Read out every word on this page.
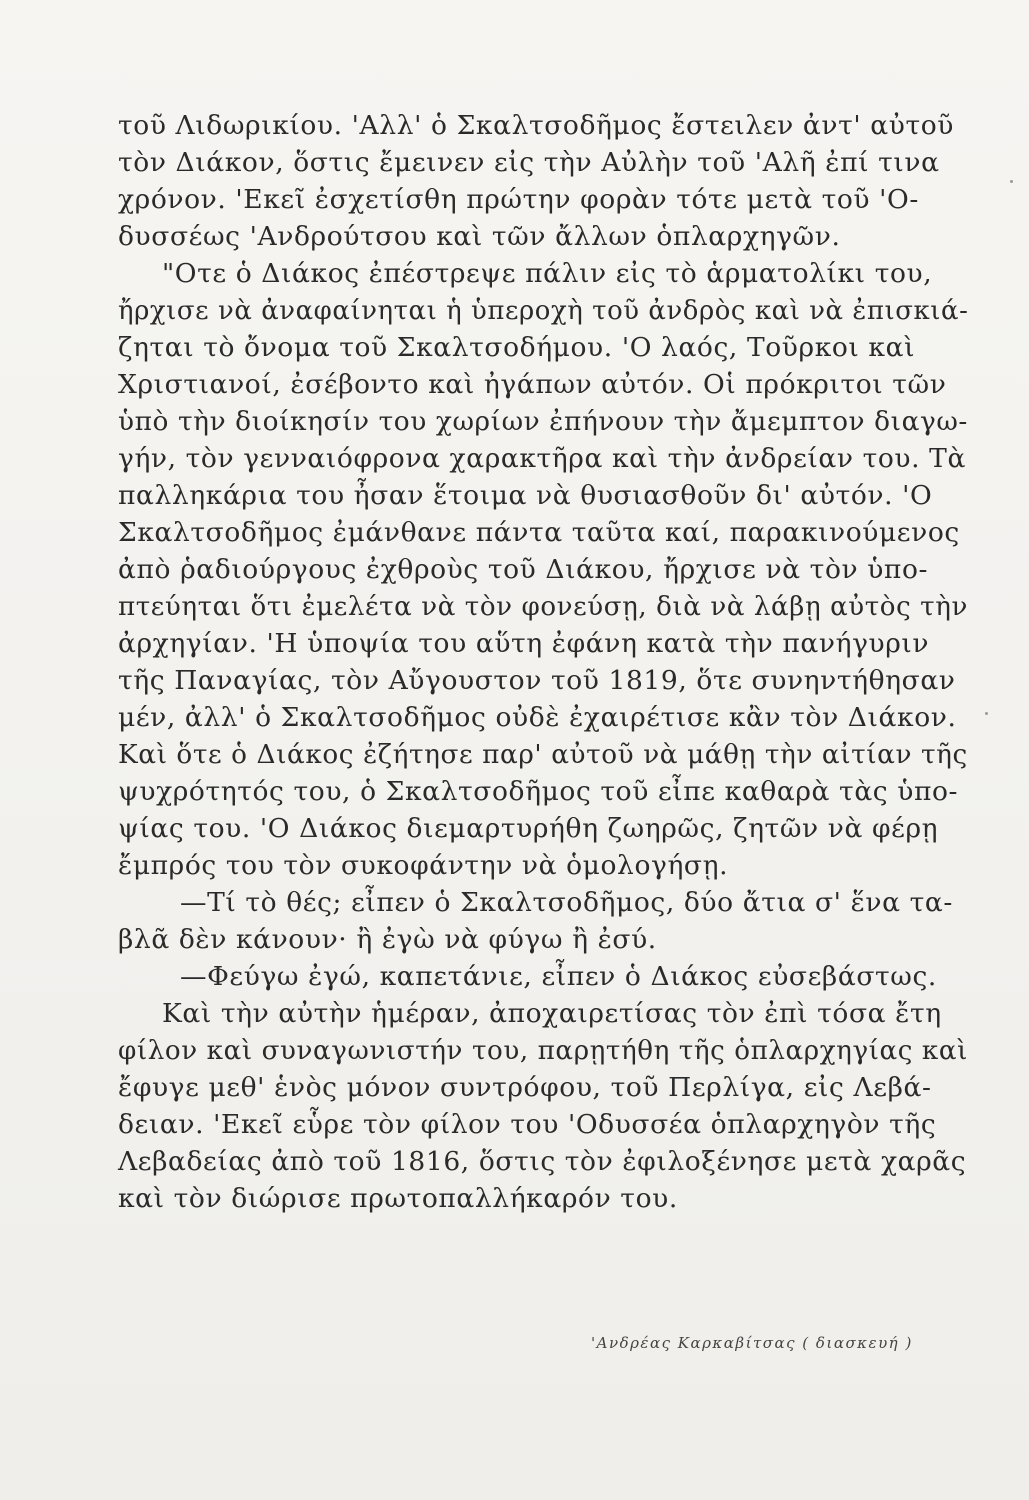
τοῦ Λιδωρικίου. 'Αλλ' ὁ Σκαλτσοδῆμος ἔστειλεν ἀντ' αὐτοῦ
τὸν Διάκον, ὅστις ἔμεινεν εἰς τὴν Αὐλὴν τοῦ 'Αλῆ ἐπί τινα
χρόνον. 'Εκεῖ ἐσχετίσθη πρώτην φορὰν τότε μετὰ τοῦ 'Ο-
δυσσέως 'Ανδρούτσου καὶ τῶν ἄλλων ὁπλαρχηγῶν.
"Οτε ὁ Διάκος ἐπέστρεψε πάλιν εἰς τὸ ἁρματολίκι του,
ἤρχισε νὰ ἀναφαίνηται ἡ ὑπεροχὴ τοῦ ἀνδρὸς καὶ νὰ ἐπισκιά-
ζηται τὸ ὄνομα τοῦ Σκαλτσοδήμου. 'Ο λαός, Τοῦρκοι καὶ
Χριστιανοί, ἐσέβοντο καὶ ἠγάπων αὐτόν. Οἱ πρόκριτοι τῶν
ὑπὸ τὴν διοίκησίν του χωρίων ἐπήνουν τὴν ἄμεμπτον διαγω-
γήν, τὸν γενναιόφρονα χαρακτῆρα καὶ τὴν ἀνδρείαν του. Τὰ
παλληκάρια του ἦσαν ἕτοιμα νὰ θυσιασθοῦν δι' αὐτόν. 'Ο
Σκαλτσοδῆμος ἐμάνθανε πάντα ταῦτα καί, παρακινούμενος
ἀπὸ ῥαδιούργους ἐχθροὺς τοῦ Διάκου, ἤρχισε νὰ τὸν ὑπο-
πτεύηται ὅτι ἐμελέτα νὰ τὸν φονεύσῃ, διὰ νὰ λάβῃ αὐτὸς τὴν
ἀρχηγίαν. 'Η ὑποψία του αὕτη ἐφάνη κατὰ τὴν πανήγυριν
τῆς Παναγίας, τὸν Αὔγουστον τοῦ 1819, ὅτε συνηντήθησαν
μέν, ἀλλ' ὁ Σκαλτσοδῆμος οὐδὲ ἐχαιρέτισε κἂν τὸν Διάκον.
Καὶ ὅτε ὁ Διάκος ἐζήτησε παρ' αὐτοῦ νὰ μάθῃ τὴν αἰτίαν τῆς
ψυχρότητός του, ὁ Σκαλτσοδῆμος τοῦ εἶπε καθαρὰ τὰς ὑπο-
ψίας του. 'Ο Διάκος διεμαρτυρήθη ζωηρῶς, ζητῶν νὰ φέρῃ
ἔμπρός του τὸν συκοφάντην νὰ ὁμολογήσῃ.
—Τί τὸ θές; εἶπεν ὁ Σκαλτσοδῆμος, δύο ἄτια σ' ἕνα τα-
βλᾶ δὲν κάνουν· ἢ ἐγὼ νὰ φύγω ἢ ἐσύ.
—Φεύγω ἐγώ, καπετάνιε, εἶπεν ὁ Διάκος εὐσεβάστως.
Καὶ τὴν αὐτὴν ἡμέραν, ἀποχαιρετίσας τὸν ἐπὶ τόσα ἔτη
φίλον καὶ συναγωνιστήν του, παρῃτήθη τῆς ὁπλαρχηγίας καὶ
ἔφυγε μεθ' ἑνὸς μόνον συντρόφου, τοῦ Περλίγα, εἰς Λεβά-
δειαν. 'Εκεῖ εὗρε τὸν φίλον του 'Οδυσσέα ὁπλαρχηγὸν τῆς
Λεβαδείας ἀπὸ τοῦ 1816, ὅστις τὸν ἐφιλοξένησε μετὰ χαρᾶς
καὶ τὸν διώρισε πρωτοπαλλήκαρόν του.
'Ανδρέας Καρκαβίτσας ( διασκευή )
